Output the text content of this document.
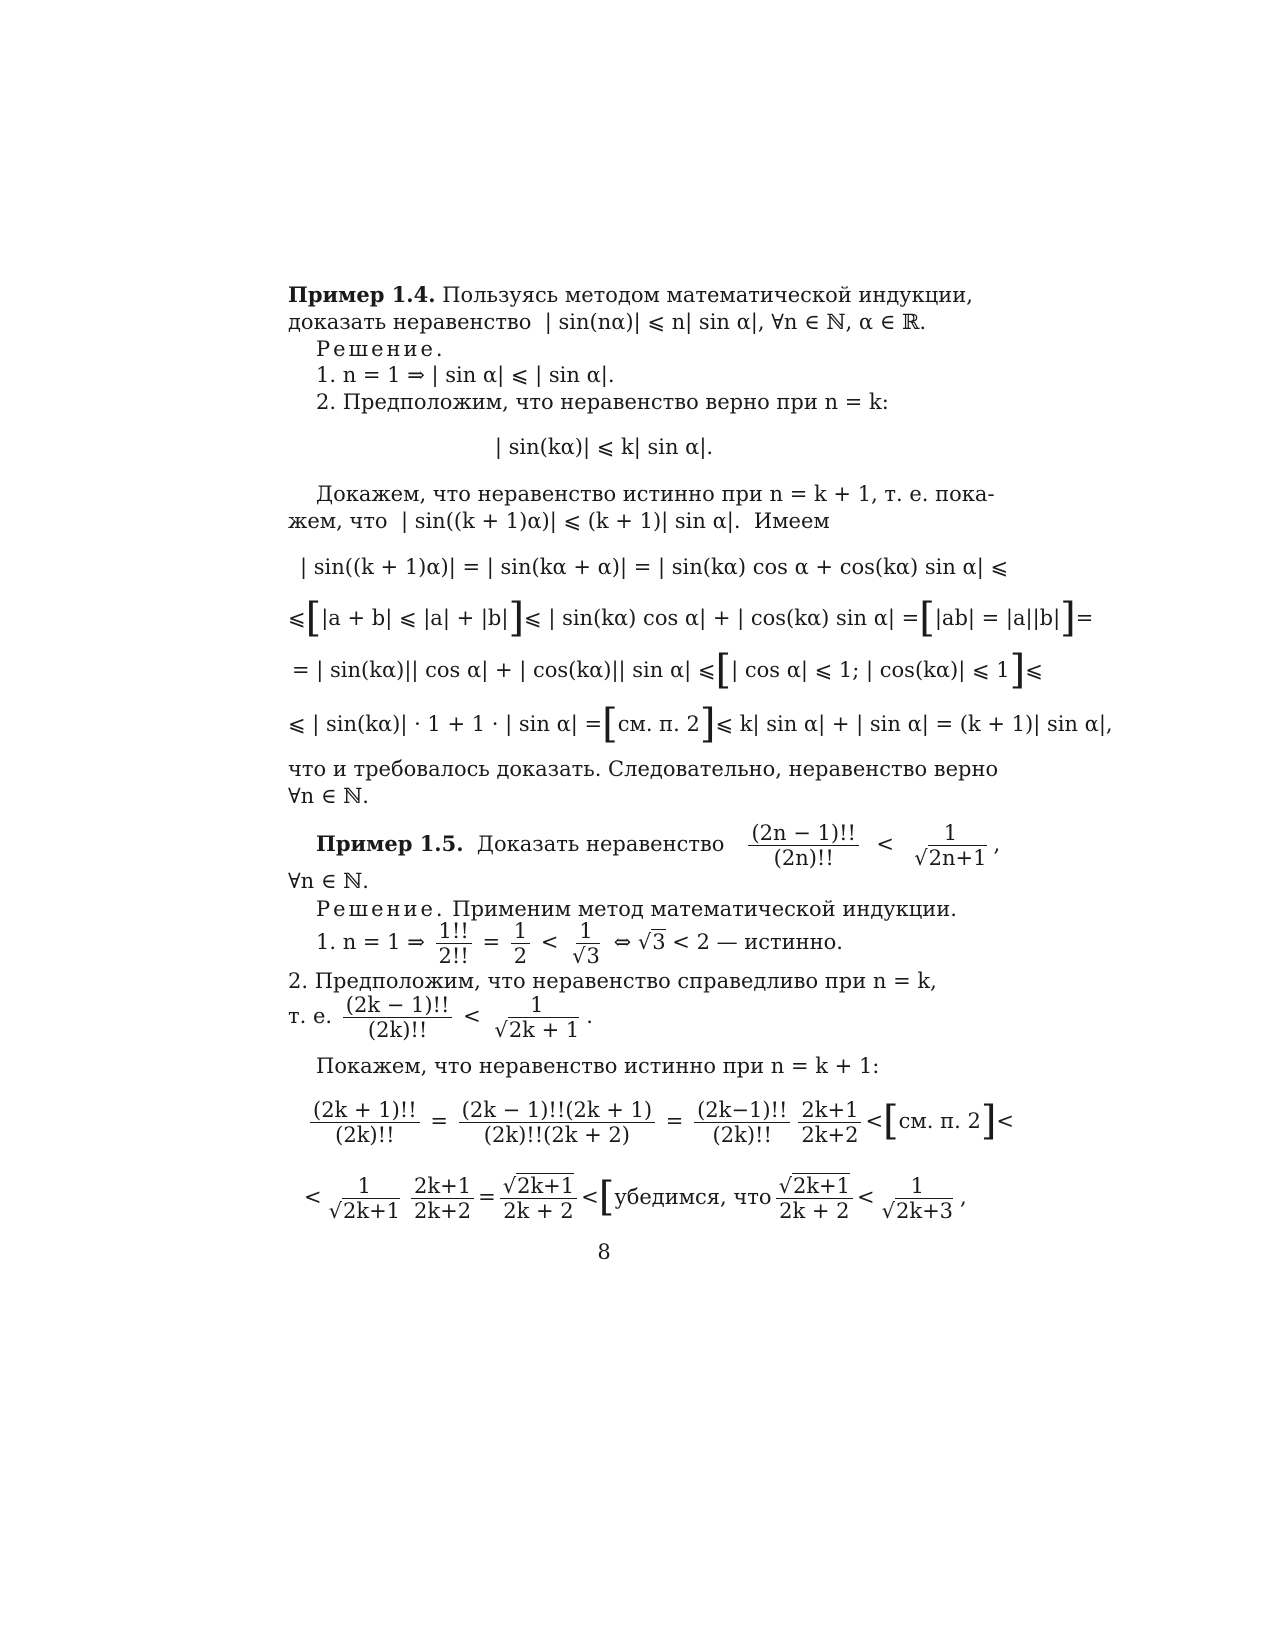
Пример 1.4. Пользуясь методом математической индукции,
доказать неравенство | sin(nα)| ⩽ n| sin α|, ∀n ∈ ℕ, α ∈ ℝ.
Решение.
1. n = 1 ⇒ | sin α| ⩽ | sin α|.
2. Предположим, что неравенство верно при n = k:
| sin(kα)| ⩽ k| sin α|.
Докажем, что неравенство истинно при n = k + 1, т. е. пока-
жем, что | sin((k + 1)α)| ⩽ (k + 1)| sin α|. Имеем
| sin((k + 1)α)| = | sin(kα + α)| = | sin(kα) cos α + cos(kα) sin α| ⩽
⩽[|a + b| ⩽ |a| + |b|]⩽ | sin(kα) cos α| + | cos(kα) sin α| =[|ab| = |a||b|]=
= | sin(kα)|| cos α| + | cos(kα)|| sin α| ⩽[| cos α| ⩽ 1; | cos(kα)| ⩽ 1]⩽
⩽ | sin(kα)| · 1 + 1 · | sin α| =[см. п. 2]⩽ k| sin α| + | sin α| = (k + 1)| sin α|,
что и требовалось доказать. Следовательно, неравенство верно
∀n ∈ ℕ.
Пример 1.5. Доказать неравенство $\frac{(2n - 1)!!}{(2n)!!} < \frac{1}{√2n+1}$ ,
∀n ∈ ℕ.
Решение. Применим метод математической индукции.
1. n = 1 ⇒ $\frac{1!!}{2!!} = \frac{1}{2} < \frac{1}{√3}$ ⇔ √3 < 2 — истинно.
2. Предположим, что неравенство справедливо при n = k,
т. е. $\frac{(2k - 1)!!}{(2k)!!} < \frac{1}{√2k + 1}$ .
Покажем, что неравенство истинно при n = k + 1:
$\frac{(2k + 1)!!}{(2k)!!} = \frac{(2k - 1)!!(2k + 1)}{(2k)!!(2k + 2)} = \frac{(2k-1)!!}{(2k)!!} \frac{2k+1}{2k+2} <[см$. п. 2]<
< $\frac{1}{√2k+1} \frac{2k+1}{2k+2} = \frac{√2k+1}{2k + 2}$ <[убедимся, что $\frac{√2k+1}{2k + 2} < \frac{1}{√2k+3}$ ,
8
